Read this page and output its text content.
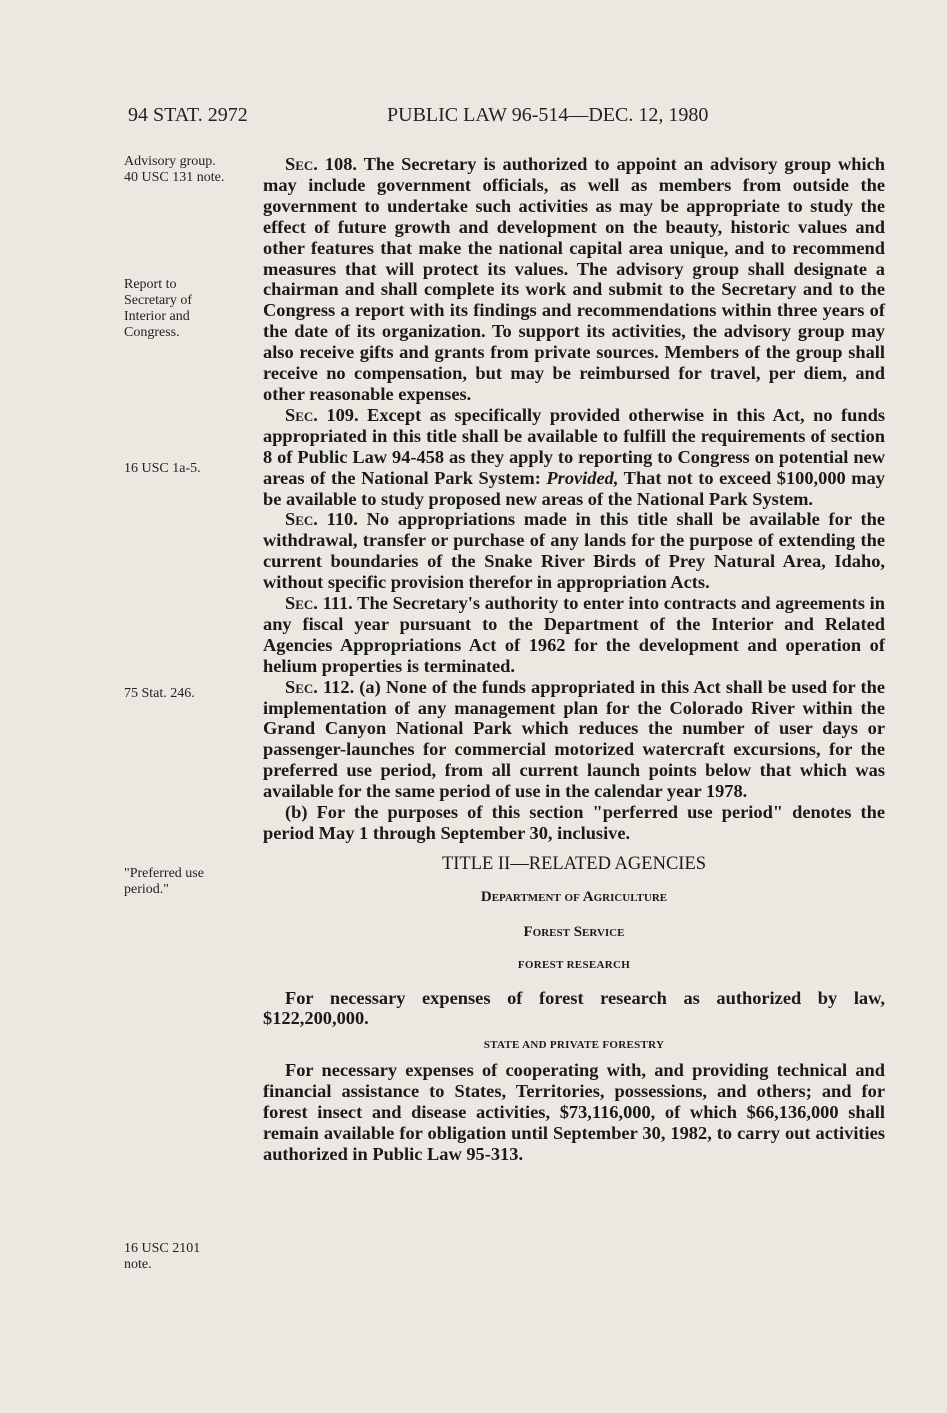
94 STAT. 2972	PUBLIC LAW 96-514—DEC. 12, 1980
Advisory group.
40 USC 131 note.
Report to
Secretary of
Interior and
Congress.
16 USC 1a-5.
75 Stat. 246.
"Preferred use
period."
16 USC 2101
note.

Sec. 108. The Secretary is authorized to appoint an advisory group which may include government officials, as well as members from outside the government to undertake such activities as may be appropriate to study the effect of future growth and development on the beauty, historic values and other features that make the national capital area unique, and to recommend measures that will protect its values. The advisory group shall designate a chairman and shall complete its work and submit to the Secretary and to the Congress a report with its findings and recommendations within three years of the date of its organization. To support its activities, the advisory group may also receive gifts and grants from private sources. Members of the group shall receive no compensation, but may be reimbursed for travel, per diem, and other reasonable expenses.

Sec. 109. Except as specifically provided otherwise in this Act, no funds appropriated in this title shall be available to fulfill the requirements of section 8 of Public Law 94-458 as they apply to reporting to Congress on potential new areas of the National Park System: Provided, That not to exceed $100,000 may be available to study proposed new areas of the National Park System.

Sec. 110. No appropriations made in this title shall be available for the withdrawal, transfer or purchase of any lands for the purpose of extending the current boundaries of the Snake River Birds of Prey Natural Area, Idaho, without specific provision therefor in appropriation Acts.

Sec. 111. The Secretary's authority to enter into contracts and agreements in any fiscal year pursuant to the Department of the Interior and Related Agencies Appropriations Act of 1962 for the development and operation of helium properties is terminated.

Sec. 112. (a) None of the funds appropriated in this Act shall be used for the implementation of any management plan for the Colorado River within the Grand Canyon National Park which reduces the number of user days or passenger-launches for commercial motorized watercraft excursions, for the preferred use period, from all current launch points below that which was available for the same period of use in the calendar year 1978.

(b) For the purposes of this section "perferred use period" denotes the period May 1 through September 30, inclusive.

TITLE II—RELATED AGENCIES

Department of Agriculture

Forest Service

FOREST RESEARCH

For necessary expenses of forest research as authorized by law, $122,200,000.

STATE AND PRIVATE FORESTRY

For necessary expenses of cooperating with, and providing technical and financial assistance to States, Territories, possessions, and others; and for forest insect and disease activities, $73,116,000, of which $66,136,000 shall remain available for obligation until September 30, 1982, to carry out activities authorized in Public Law 95-313.
